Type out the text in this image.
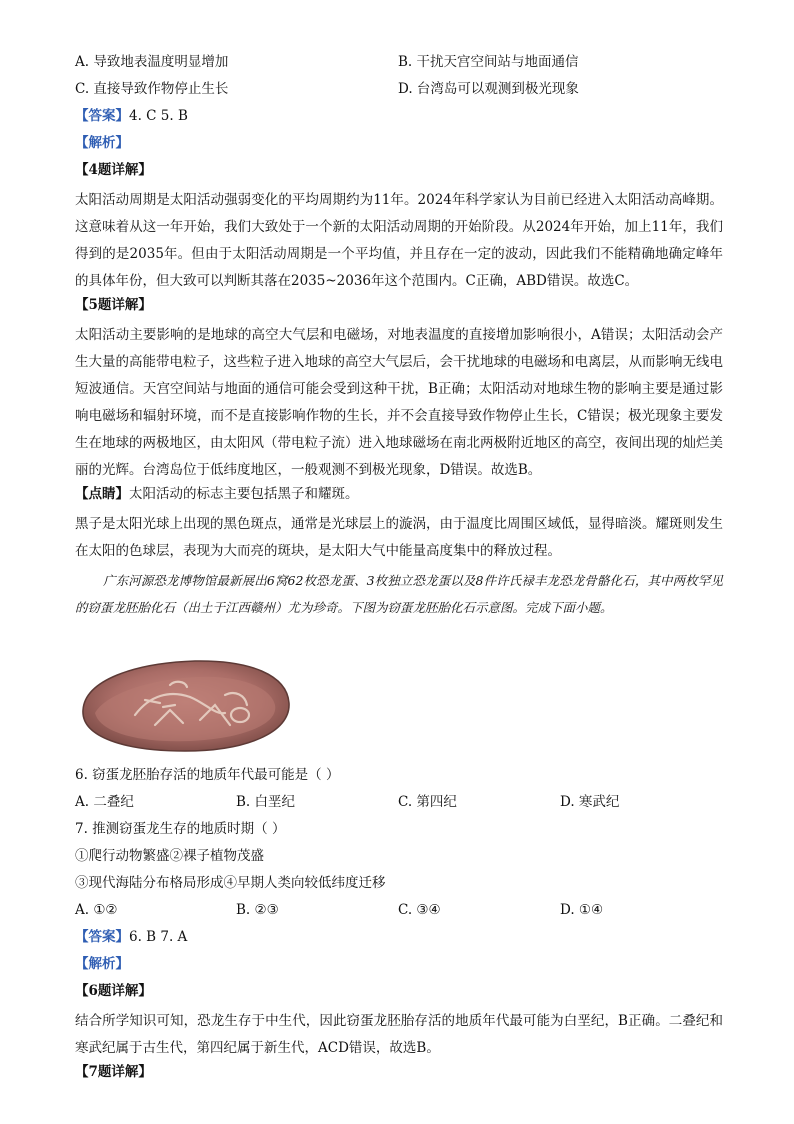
A. 导致地表温度明显增加	B. 干扰天宫空间站与地面通信
C. 直接导致作物停止生长	D. 台湾岛可以观测到极光现象
【答案】4. C 5. B
【解析】
【4题详解】
太阳活动周期是太阳活动强弱变化的平均周期约为11年。2024年科学家认为目前已经进入太阳活动高峰期。这意味着从这一年开始，我们大致处于一个新的太阳活动周期的开始阶段。从2024年开始，加上11年，我们得到的是2035年。但由于太阳活动周期是一个平均值，并且存在一定的波动，因此我们不能精确地确定峰年的具体年份，但大致可以判断其落在2035~2036年这个范围内。C正确，ABD错误。故选C。
【5题详解】
太阳活动主要影响的是地球的高空大气层和电磁场，对地表温度的直接增加影响很小，A错误；太阳活动会产生大量的高能带电粒子，这些粒子进入地球的高空大气层后，会干扰地球的电磁场和电离层，从而影响无线电短波通信。天宫空间站与地面的通信可能会受到这种干扰，B正确；太阳活动对地球生物的影响主要是通过影响电磁场和辐射环境，而不是直接影响作物的生长，并不会直接导致作物停止生长，C错误；极光现象主要发生在地球的两极地区，由太阳风（带电粒子流）进入地球磁场在南北两极附近地区的高空，夜间出现的灿烂美丽的光辉。台湾岛位于低纬度地区，一般观测不到极光现象，D错误。故选B。
【点睛】太阳活动的标志主要包括黑子和耀斑。
黑子是太阳光球上出现的黑色斑点，通常是光球层上的漩涡，由于温度比周围区域低，显得暗淡。耀斑则发生在太阳的色球层，表现为大而亮的斑块，是太阳大气中能量高度集中的释放过程。
广东河源恐龙博物馆最新展出6窝62枚恐龙蛋、3枚独立恐龙蛋以及8件许氏禄丰龙恐龙骨骼化石，其中两枚罕见的窃蛋龙胚胎化石（出土于江西赣州）尤为珍奇。下图为窃蛋龙胚胎化石示意图。完成下面小题。
6. 窃蛋龙胚胎存活的地质年代最可能是（ ）
A. 二叠纪	B. 白垩纪	C. 第四纪	D. 寒武纪
7. 推测窃蛋龙生存的地质时期（ ）
①爬行动物繁盛②裸子植物茂盛
③现代海陆分布格局形成④早期人类向较低纬度迁移
A. ①②	B. ②③	C. ③④	D. ①④
【答案】6. B 7. A
【解析】
【6题详解】
结合所学知识可知，恐龙生存于中生代，因此窃蛋龙胚胎存活的地质年代最可能为白垩纪，B正确。二叠纪和寒武纪属于古生代，第四纪属于新生代，ACD错误，故选B。
【7题详解】
